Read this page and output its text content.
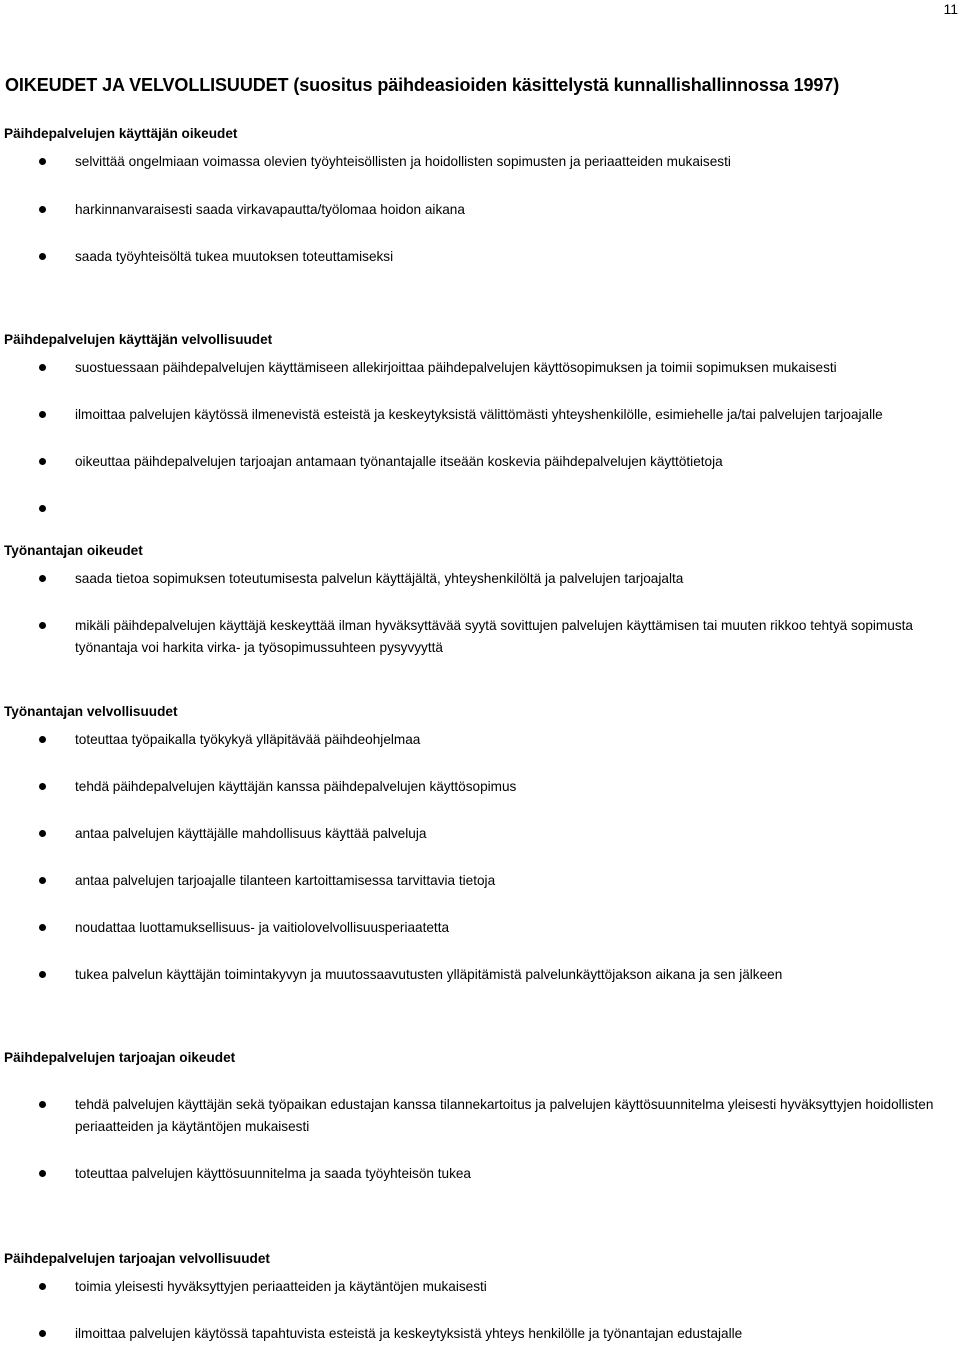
11
OIKEUDET JA VELVOLLISUUDET (suositus päihdeasioiden käsittelystä kunnallishallinnossa 1997)
Päihdepalvelujen käyttäjän oikeudet
selvittää ongelmiaan voimassa olevien työyhteisöllisten ja hoidollisten sopimusten ja periaatteiden mukaisesti
harkinnanvaraisesti saada virkavapautta/työlomaa hoidon aikana
saada työyhteisöltä tukea muutoksen toteuttamiseksi
Päihdepalvelujen käyttäjän velvollisuudet
suostuessaan päihdepalvelujen käyttämiseen allekirjoittaa päihdepalvelujen käyttösopimuksen ja toimii sopimuksen mukaisesti
ilmoittaa palvelujen käytössä ilmenevistä esteistä ja keskeytyksistä välittömästi yhteyshenkilölle, esimiehelle ja/tai palvelujen tarjoajalle
oikeuttaa päihdepalvelujen tarjoajan antamaan työnantajalle itseään koskevia päihdepalvelujen käyttötietoja
Työnantajan oikeudet
saada tietoa sopimuksen toteutumisesta palvelun käyttäjältä, yhteyshenkilöltä ja palvelujen tarjoajalta
mikäli päihdepalvelujen käyttäjä keskeyttää ilman hyväksyttävää syytä sovittujen palvelujen käyttämisen tai muuten rikkoo tehtyä sopimusta työnantaja voi harkita virka- ja työsopimussuhteen pysyvyyttä
Työnantajan velvollisuudet
toteuttaa työpaikalla työkykyä ylläpitävää päihdeohjelmaa
tehdä päihdepalvelujen käyttäjän kanssa päihdepalvelujen käyttösopimus
antaa palvelujen käyttäjälle mahdollisuus käyttää palveluja
antaa palvelujen tarjoajalle tilanteen kartoittamisessa tarvittavia tietoja
noudattaa luottamuksellisuus- ja vaitiolovelvollisuusperiaatetta
tukea palvelun käyttäjän toimintakyvyn ja muutossaavutusten ylläpitämistä palvelunkäyttöjakson aikana ja sen jälkeen
Päihdepalvelujen tarjoajan oikeudet
tehdä palvelujen käyttäjän sekä työpaikan edustajan kanssa tilannekartoitus ja palvelujen käyttösuunnitelma yleisesti hyväksyttyjen hoidollisten periaatteiden ja käytäntöjen mukaisesti
toteuttaa palvelujen käyttösuunnitelma ja saada työyhteisön tukea
Päihdepalvelujen tarjoajan velvollisuudet
toimia yleisesti hyväksyttyjen periaatteiden ja käytäntöjen mukaisesti
ilmoittaa palvelujen käytössä tapahtuvista esteistä ja keskeytyksistä yhteys henkilölle ja työnantajan edustajalle
